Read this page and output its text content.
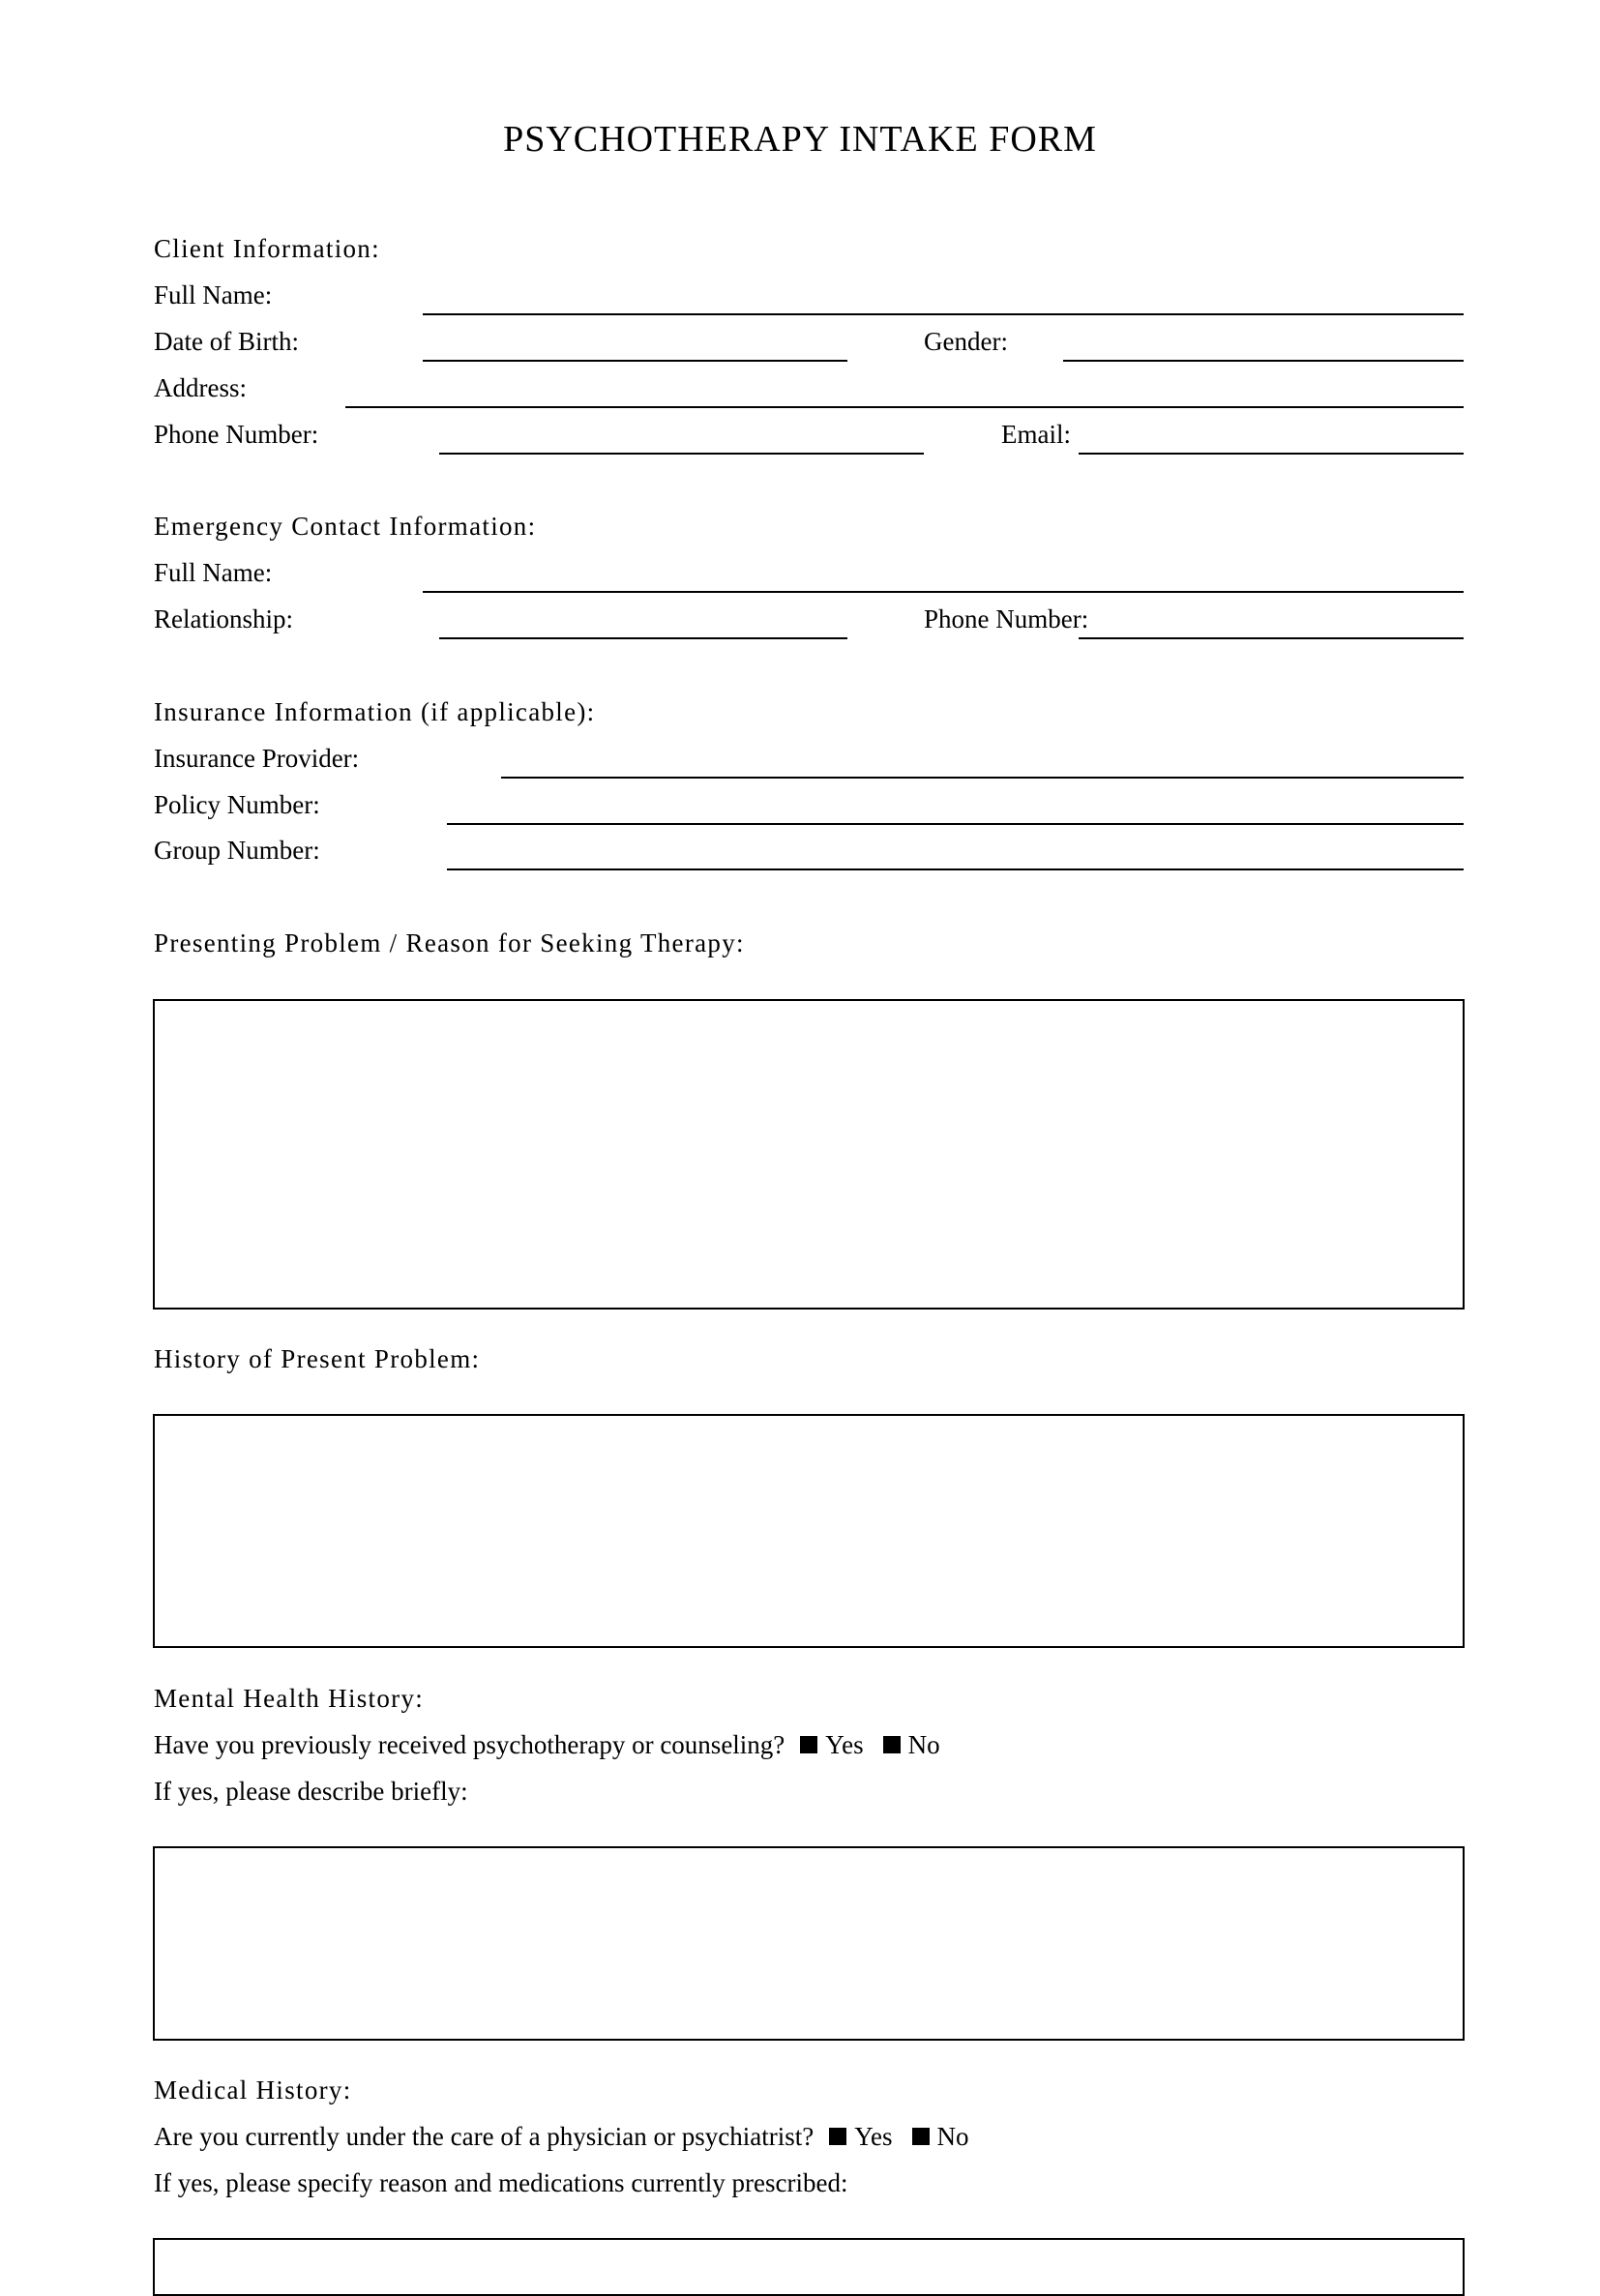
PSYCHOTHERAPY INTAKE FORM
Client Information:
Full Name:
Date of Birth:	Gender:
Address:
Phone Number:	Email:
Emergency Contact Information:
Full Name:
Relationship:	Phone Number:
Insurance Information (if applicable):
Insurance Provider:
Policy Number:
Group Number:
Presenting Problem / Reason for Seeking Therapy:
History of Present Problem:
Mental Health History:
Have you previously received psychotherapy or counseling? Yes No
If yes, please describe briefly:
Medical History:
Are you currently under the care of a physician or psychiatrist? Yes No
If yes, please specify reason and medications currently prescribed:
